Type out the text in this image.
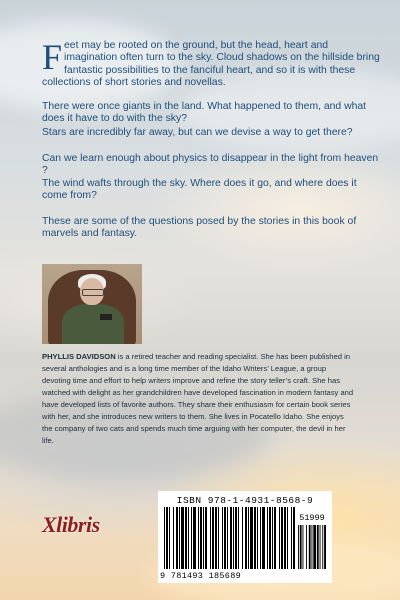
Feet may be rooted on the ground, but the head, heart and imagination often turn to the sky. Cloud shadows on the hillside bring fantastic possibilities to the fanciful heart, and so it is with these collections of short stories and novellas.
There were once giants in the land. What happened to them, and what does it have to do with the sky?
Stars are incredibly far away, but can we devise a way to get there?
Can we learn enough about physics to disappear in the light from heaven ?
The wind wafts through the sky. Where does it go, and where does it come from?
These are some of the questions posed by the stories in this book of marvels and fantasy.
PHYLLIS DAVIDSON is a retired teacher and reading specialist. She has been published in several anthologies and is a long time member of the Idaho Writers’ League, a group devoting time and effort to help writers improve and refine the story teller’s craft. She has watched with delight as her grandchildren have developed fascination in modern fantasy and have developed lists of favorite authors. They share their enthusiasm for certain book series with her, and she introduces new writers to them. She lives in Pocatello Idaho. She enjoys the company of two cats and spends much time arguing with her computer, the devil in her life.
Xlibris
ISBN 978-1-4931-8568-9
51999
9 781493 185689
